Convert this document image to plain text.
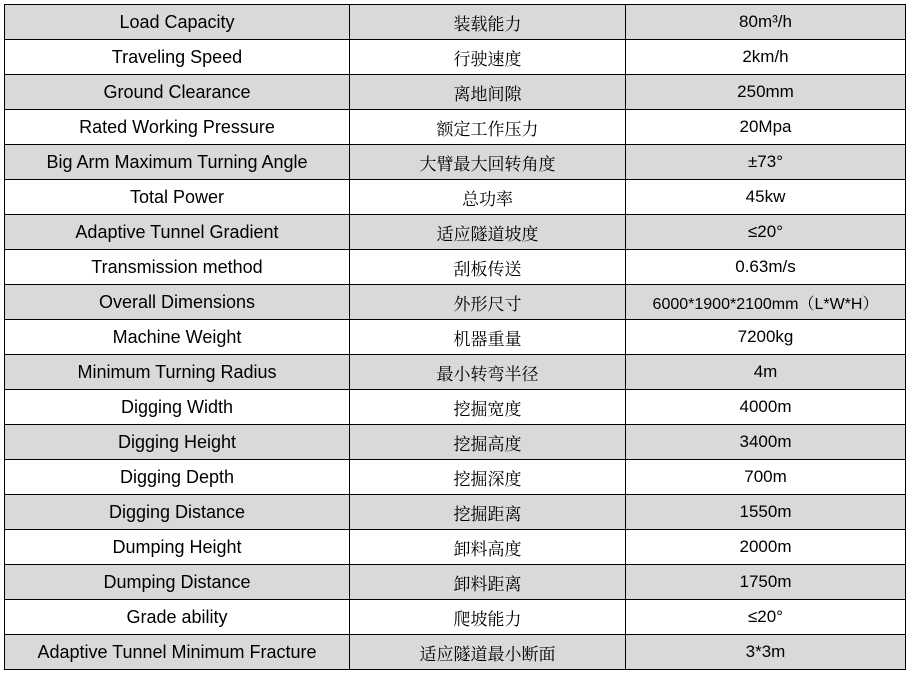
Load Capacity	装载能力	80m³/h
Traveling Speed	行驶速度	2km/h
Ground Clearance	离地间隙	250mm
Rated Working Pressure	额定工作压力	20Mpa
Big Arm Maximum Turning Angle	大臂最大回转角度	±73°
Total Power	总功率	45kw
Adaptive Tunnel Gradient	适应隧道坡度	≤20°
Transmission method	刮板传送	0.63m/s
Overall Dimensions	外形尺寸	6000*1900*2100mm（L*W*H）
Machine Weight	机器重量	7200kg
Minimum Turning Radius	最小转弯半径	4m
Digging Width	挖掘宽度	4000m
Digging Height	挖掘高度	3400m
Digging Depth	挖掘深度	700m
Digging Distance	挖掘距离	1550m
Dumping Height	卸料高度	2000m
Dumping Distance	卸料距离	1750m
Grade ability	爬坡能力	≤20°
Adaptive Tunnel Minimum Fracture	适应隧道最小断面	3*3m
